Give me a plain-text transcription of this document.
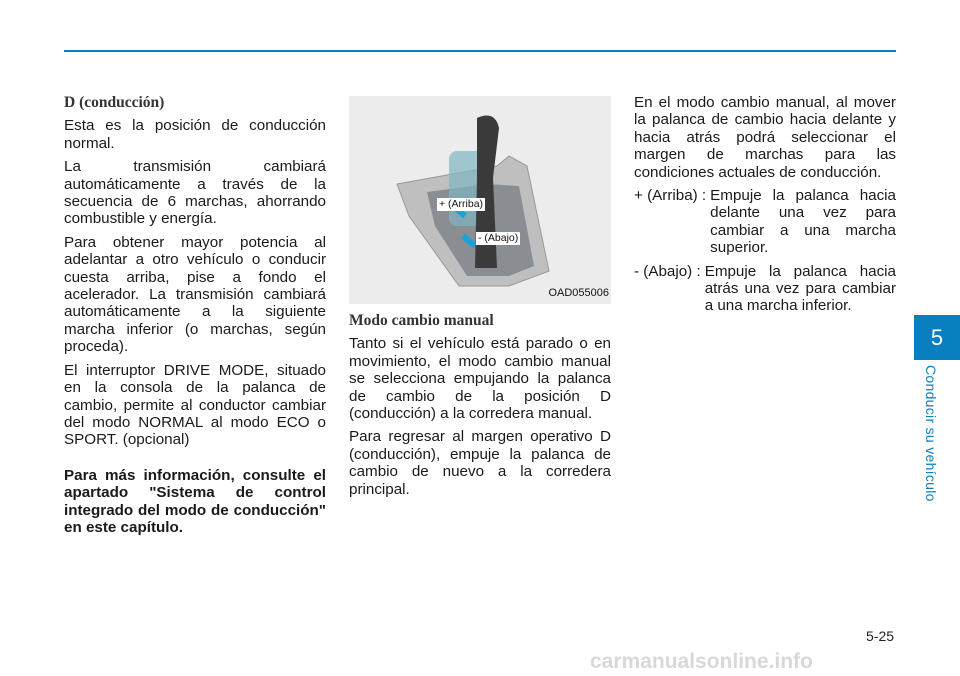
D (conducción)

Esta es la posición de conducción normal.

La transmisión cambiará automáticamente a través de la secuencia de 6 marchas, ahorrando combustible y energía.

Para obtener mayor potencia al adelantar a otro vehículo o conducir cuesta arriba, pise a fondo el acelerador. La transmisión cambiará automáticamente a la siguiente marcha inferior (o marchas, según proceda).

El interruptor DRIVE MODE, situado en la consola de la palanca de cambio, permite al conductor cambiar del modo NORMAL al modo ECO o SPORT. (opcional)

Para más información, consulte el apartado "Sistema de control integrado del modo de conducción" en este capítulo.

+ (Arriba)
- (Abajo)
OAD055006
Modo cambio manual

Tanto si el vehículo está parado o en movimiento, el modo cambio manual se selecciona empujando la palanca de cambio de la posición D (conducción) a la corredera manual.

Para regresar al margen operativo D (conducción), empuje la palanca de cambio de nuevo a la corredera principal.

En el modo cambio manual, al mover la palanca de cambio hacia delante y hacia atrás podrá seleccionar el margen de marchas para las condiciones actuales de conducción.

+ (Arriba) : Empuje la palanca hacia delante una vez para cambiar a una marcha superior.
- (Abajo) : Empuje la palanca hacia atrás una vez para cambiar a una marcha inferior.
5
Conducir su vehículo
5-25
carmanualsonline.info
